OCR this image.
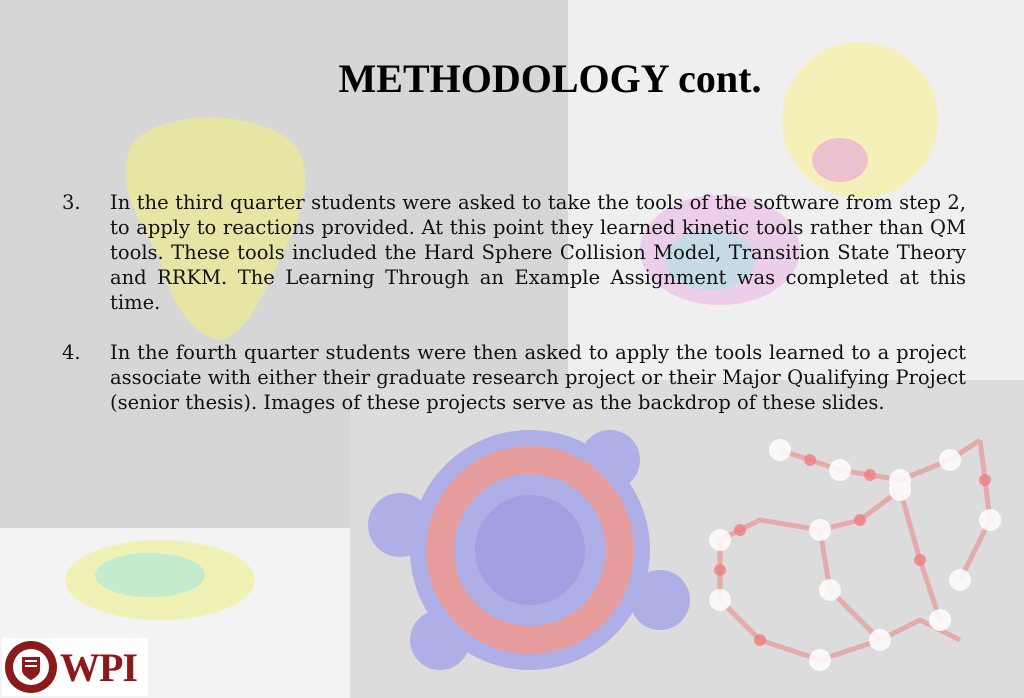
METHODOLOGY cont.
3.	In the third quarter students were asked to take the tools of the software from step 2, to apply to reactions provided. At this point they learned kinetic tools rather than QM tools. These tools included the Hard Sphere Collision Model, Transition State Theory and RRKM. The Learning Through an Example Assignment was completed at this time.
4.	In the fourth quarter students were then asked to apply the tools learned to a project associate with either their graduate research project or their Major Qualifying Project (senior thesis). Images of these projects serve as the backdrop of these slides.
WPI
